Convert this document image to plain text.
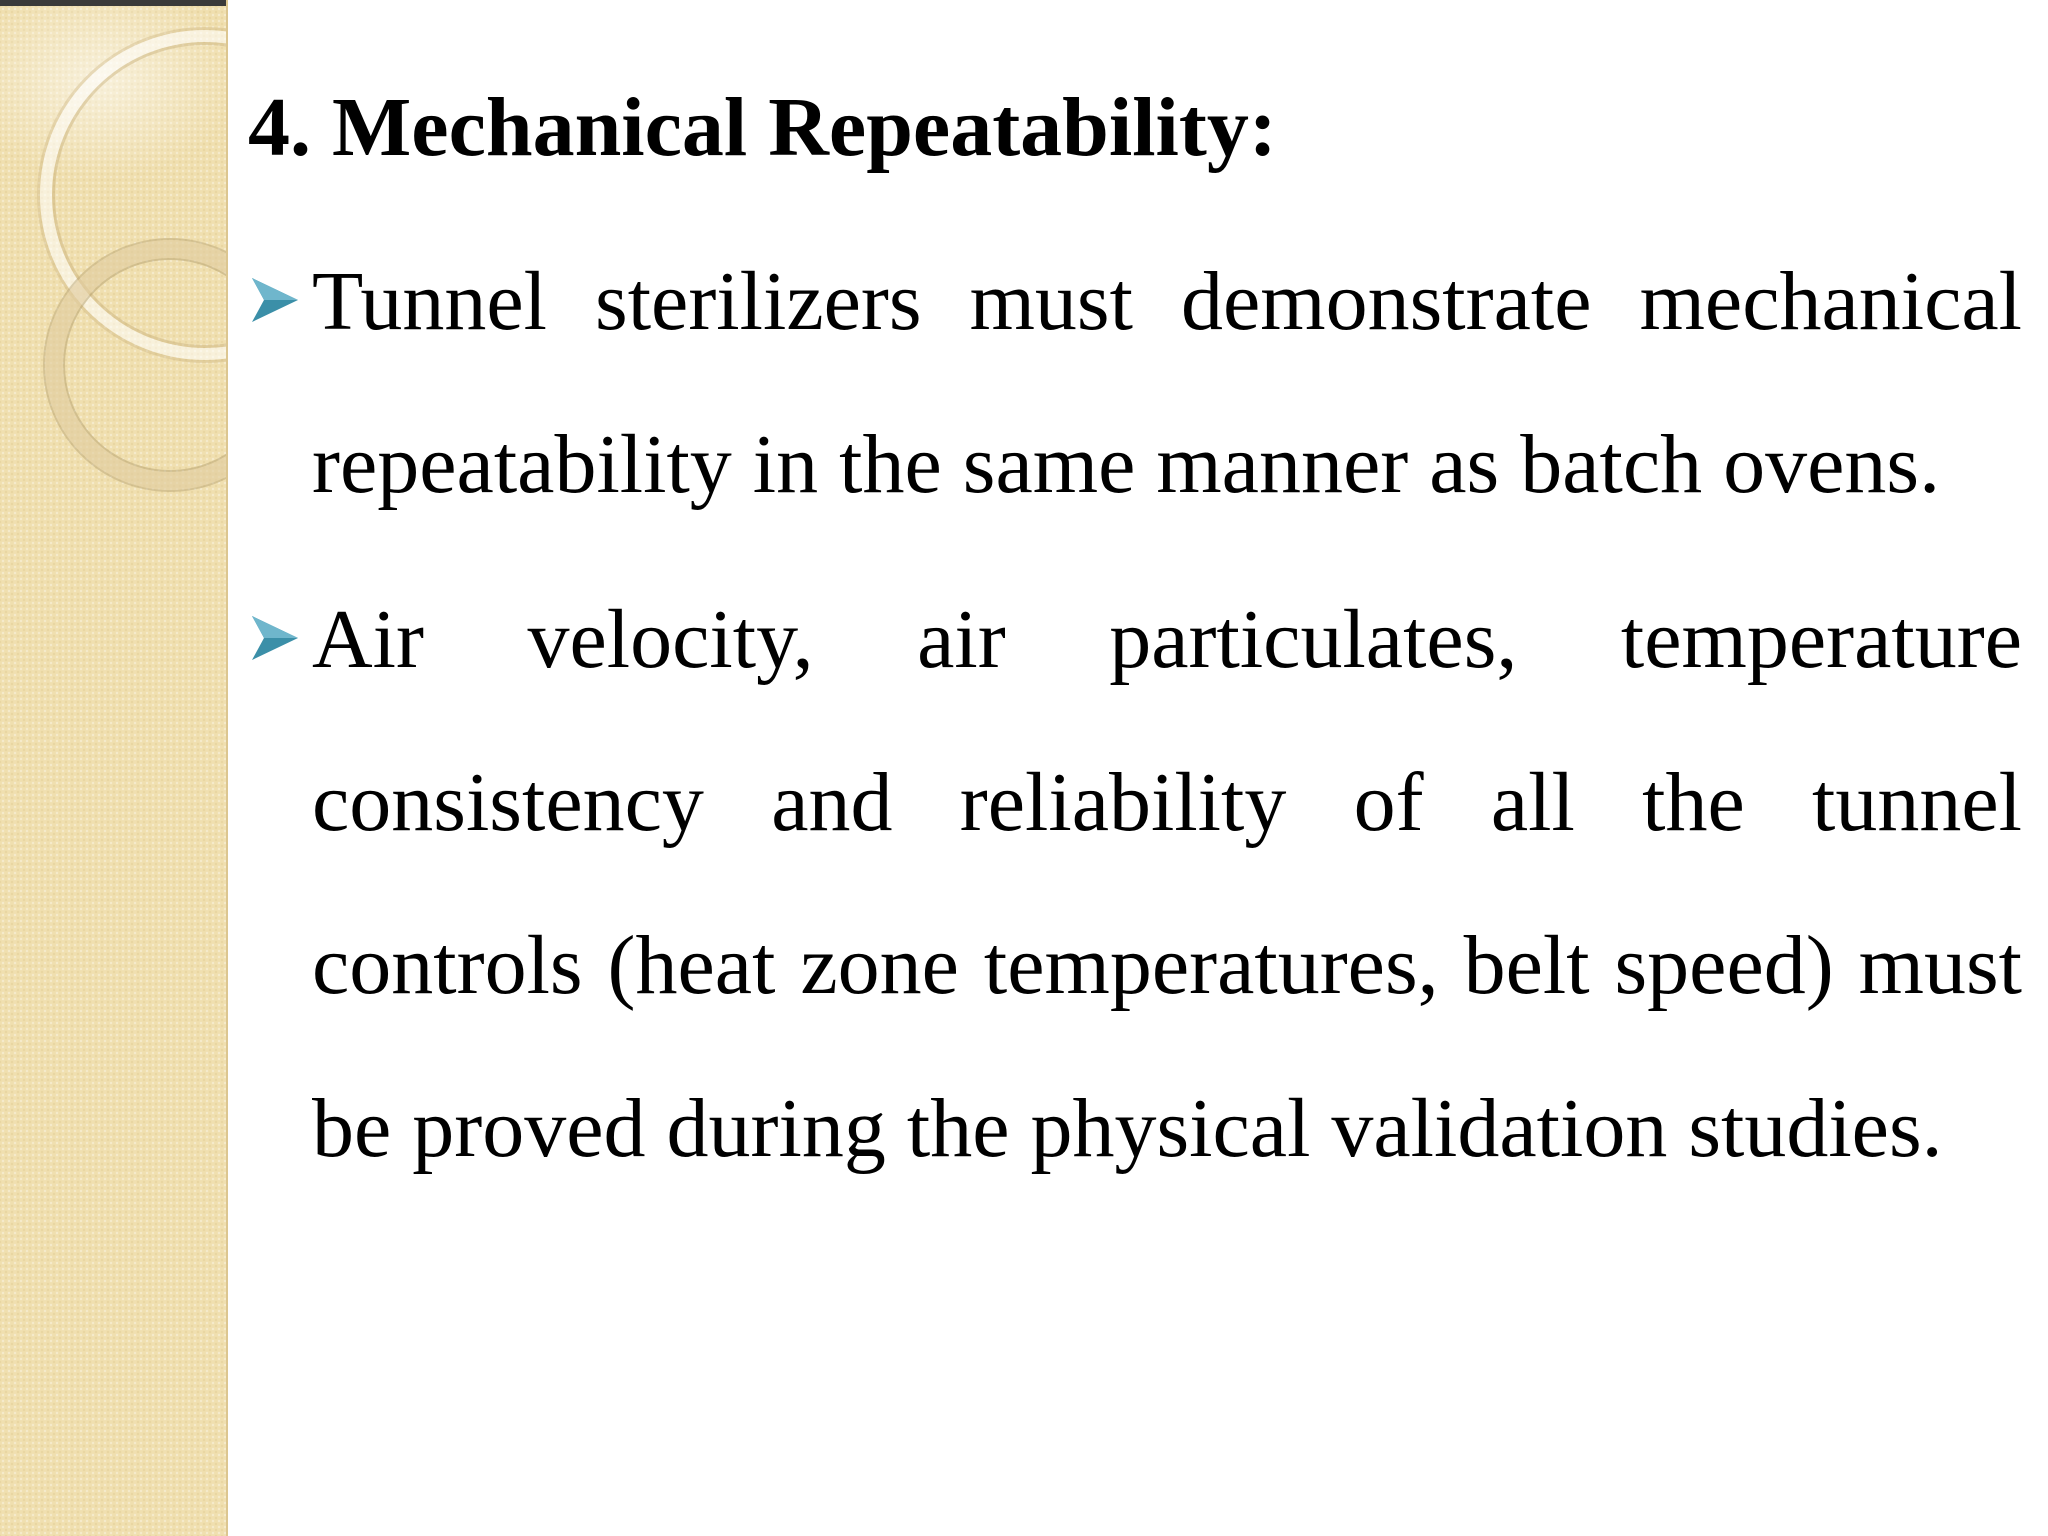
4. Mechanical Repeatability:
Tunnel sterilizers must demonstrate mechanical repeatability in the same manner as batch ovens.
Air velocity, air particulates, temperature consistency and reliability of all the tunnel controls (heat zone temperatures, belt speed) must be proved during the physical validation studies.
